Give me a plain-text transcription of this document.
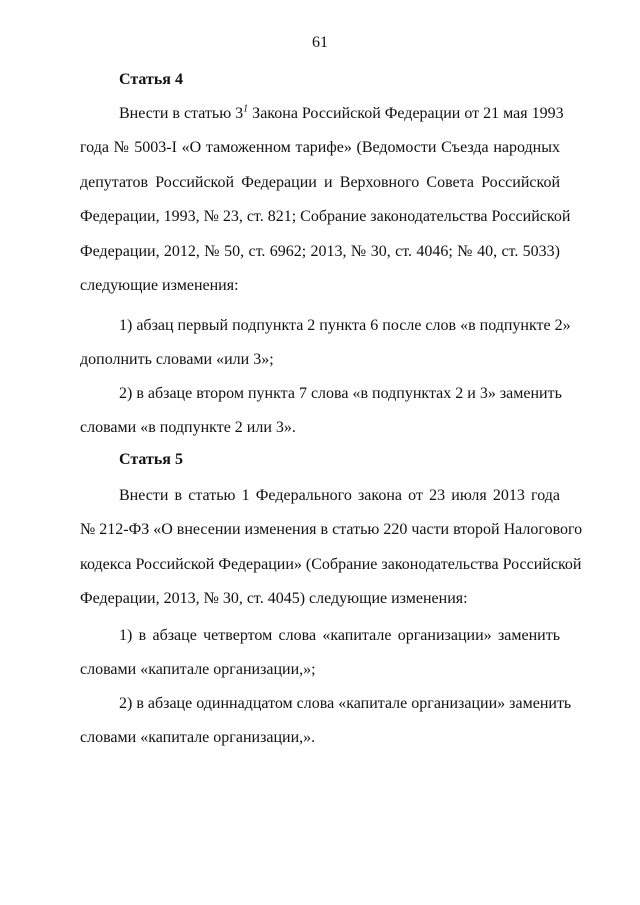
61
Статья 4
Внести в статью $3^1$ Закона Российской Федерации от 21 мая 1993
года № 5003-I «О таможенном тарифе» (Ведомости Съезда народных
депутатов Российской Федерации и Верховного Совета Российской
Федерации, 1993, № 23, ст. 821; Собрание законодательства Российской
Федерации, 2012, № 50, ст. 6962; 2013, № 30, ст. 4046; № 40, ст. 5033)
следующие изменения:
1) абзац первый подпункта 2 пункта 6 после слов «в подпункте 2»
дополнить словами «или 3»;
2) в абзаце втором пункта 7 слова «в подпунктах 2 и 3» заменить
словами «в подпункте 2 или 3».
Статья 5
Внести в статью 1 Федерального закона от 23 июля 2013 года
№ 212-ФЗ «О внесении изменения в статью 220 части второй Налогового
кодекса Российской Федерации» (Собрание законодательства Российской
Федерации, 2013, № 30, ст. 4045) следующие изменения:
1) в абзаце четвертом слова «капитале организации» заменить
словами «капитале организации,»;
2) в абзаце одиннадцатом слова «капитале организации» заменить
словами «капитале организации,».
